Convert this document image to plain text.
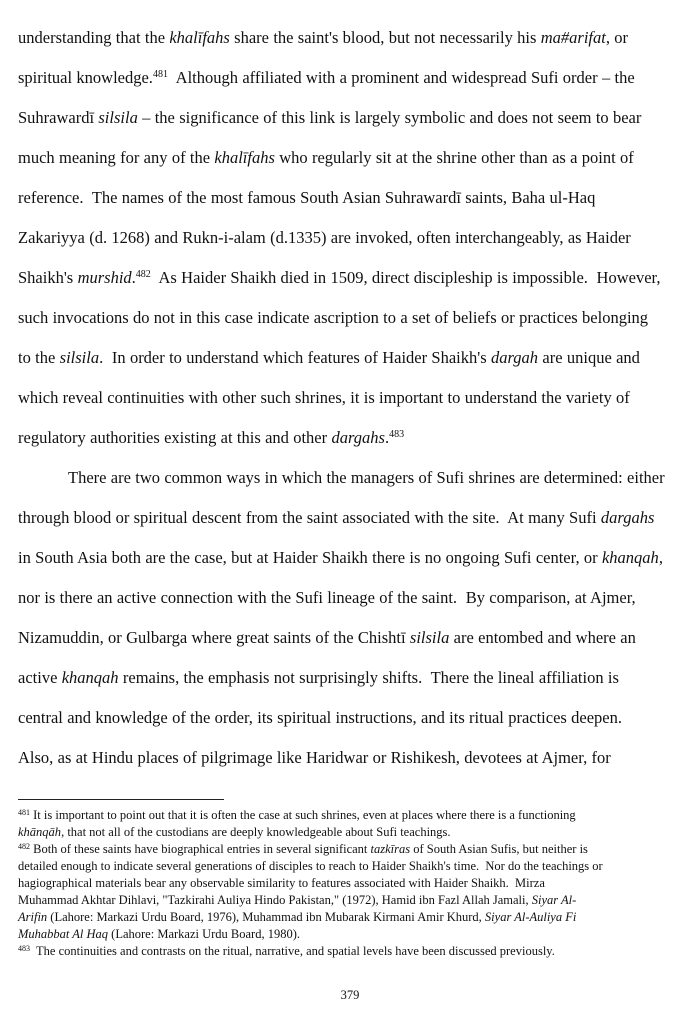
understanding that the khalīfahs share the saint's blood, but not necessarily his ma#arifat, or
spiritual knowledge.$^{481}$  Although affiliated with a prominent and widespread Sufi order – the
Suhrawardī silsila – the significance of this link is largely symbolic and does not seem to bear
much meaning for any of the khalīfahs who regularly sit at the shrine other than as a point of
reference.  The names of the most famous South Asian Suhrawardī saints, Baha ul-Haq
Zakariyya (d. 1268) and Rukn-i-alam (d.1335) are invoked, often interchangeably, as Haider
Shaikh's murshid.$^{482}$  As Haider Shaikh died in 1509, direct discipleship is impossible.  However,
such invocations do not in this case indicate ascription to a set of beliefs or practices belonging
to the silsila.  In order to understand which features of Haider Shaikh's dargah are unique and
which reveal continuities with other such shrines, it is important to understand the variety of
regulatory authorities existing at this and other dargahs.$^{483}$
There are two common ways in which the managers of Sufi shrines are determined: either
through blood or spiritual descent from the saint associated with the site.  At many Sufi dargahs
in South Asia both are the case, but at Haider Shaikh there is no ongoing Sufi center, or khanqah,
nor is there an active connection with the Sufi lineage of the saint.  By comparison, at Ajmer,
Nizamuddin, or Gulbarga where great saints of the Chishtī silsila are entombed and where an
active khanqah remains, the emphasis not surprisingly shifts.  There the lineal affiliation is
central and knowledge of the order, its spiritual instructions, and its ritual practices deepen.
Also, as at Hindu places of pilgrimage like Haridwar or Rishikesh, devotees at Ajmer, for
$^{481}$ It is important to point out that it is often the case at such shrines, even at places where there is a functioning
khānqāh, that not all of the custodians are deeply knowledgeable about Sufi teachings.
$^{482}$ Both of these saints have biographical entries in several significant tazkīras of South Asian Sufis, but neither is
detailed enough to indicate several generations of disciples to reach to Haider Shaikh's time.  Nor do the teachings or
hagiographical materials bear any observable similarity to features associated with Haider Shaikh.  Mirza
Muhammad Akhtar Dihlavi, "Tazkirahi Auliya Hindo Pakistan," (1972), Hamid ibn Fazl Allah Jamali, Siyar Al-
Arifin (Lahore: Markazi Urdu Board, 1976), Muhammad ibn Mubarak Kirmani Amir Khurd, Siyar Al-Auliya Fi
Muhabbat Al Haq (Lahore: Markazi Urdu Board, 1980).
$^{483}$  The continuities and contrasts on the ritual, narrative, and spatial levels have been discussed previously.
379
